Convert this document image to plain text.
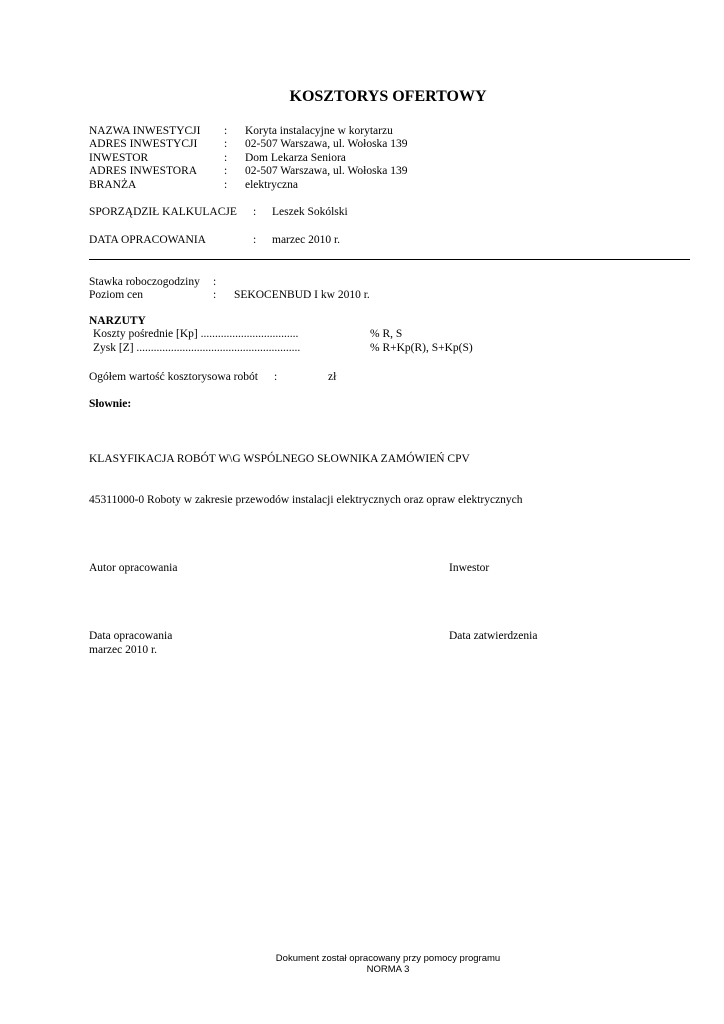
KOSZTORYS OFERTOWY
NAZWA INWESTYCJI : Koryta instalacyjne w korytarzu
ADRES INWESTYCJI : 02-507 Warszawa, ul. Wołoska 139
INWESTOR	: Dom Lekarza Seniora
ADRES INWESTORA : 02-507 Warszawa, ul. Wołoska 139
BRANŻA	: elektryczna
SPORZĄDZIŁ KALKULACJE : Leszek Sokólski
DATA OPRACOWANIA	: marzec 2010 r.
Stawka roboczogodziny :
Poziom cen	: SEKOCENBUD I kw 2010 r.
NARZUTY
Koszty pośrednie [Kp] ..................................	% R, S
Zysk [Z] .........................................................	% R+Kp(R), S+Kp(S)
Ogółem wartość kosztorysowa robót :	zł
Słownie:
KLASYFIKACJA ROBÓT W\G WSPÓLNEGO SŁOWNIKA ZAMÓWIEŃ CPV
45311000-0 Roboty w zakresie przewodów instalacji elektrycznych oraz opraw elektrycznych
Autor opracowania	Inwestor
Data opracowania	Data zatwierdzenia
marzec 2010 r.
Dokument został opracowany przy pomocy programu
NORMA 3
